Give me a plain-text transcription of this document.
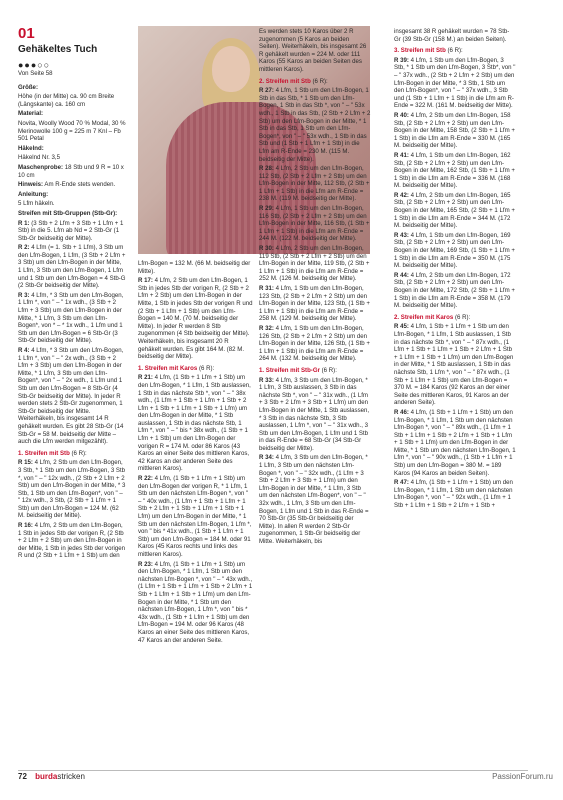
01
Gehäkeltes Tuch
●●●○○

Von Seite 58

Größe:

Höhe (in der Mitte) ca. 90 cm Breite (Längskante) ca. 160 cm

Material:

Novita, Woolly Wood 70 % Modal, 30 % Merinowolle 100 g = 225 m 7 Knl – Fb 501 Petal

Häkelnd:

Häkelnd Nr. 3,5

Maschenprobe: 18 Stb und 9 R = 10 x 10 cm

Hinweis: Am R-Ende stets wenden.

Anleitung:

5 Lfm häkeln.

Streifen mit Stb-Gruppen (Stb-Gr):

R 1: (3 Stb + 2 Lfm + 3 Stb + 1 Lfm + 1 Stb) in die 5. Lfm ab Nd = 2 Stb-Gr (1 Stb-Gr beidseitig der Mitte).

R 2: 4 Lfm (= 1. Stb + 1 Lfm), 3 Stb um den Lfm-Bogen, 1 Lfm, (3 Stb + 2 Lfm + 3 Stb) um den Lfm-Bogen in der Mitte, 1 Lfm, 3 Stb um den Lfm-Bogen, 1 Lfm und 1 Stb um den Lfm-Bogen = 4 Stb-G (2 Stb-Gr beidseitig der Mitte).

R 3: 4 Lfm, * 3 Stb um den Lfm-Bogen, 1 Lfm *, von " – " 1x wdh., (3 Stb + 2 Lfm + 3 Stb) um den Lfm-Bogen in der Mitte, * 1 Lfm, 3 Stb um den Lfm-Bogen*, von * – * 1x wdh., 1 Lfm und 1 Stb um den Lfm-Bogen = 6 Stb-Gr (3 Stb-Gr beidseitig der Mitte).

R 4: 4 Lfm, * 3 Stb um den Lfm-Bogen, 1 Lfm *, von " – " 2x wdh., (3 Stb + 2 Lfm + 3 Stb) um den Lfm-Bogen in der Mitte, * 1 Lfm, 3 Stb um den Lfm-Bogen*, von " – " 2x wdh., 1 Lfm und 1 Stb um den Lfm-Bogen = 8 Stb-Gr (4 Stb-Gr beidseitig der Mitte). In jeder R werden stets 2 Stb-Gr zugenommen, 1 Stb-Gr beidseitig der Mitte. Weiterhäkeln, bis insgesamt 14 R gehäkelt wurden. Es gibt 28 Stb-Gr (14 Stb-Gr = 58 M. beidseitig der Mitte – auch die Lfm werden mitgezählt).

1. Streifen mit Stb (6 R):

R 15: 4 Lfm, 2 Stb um den Lfm-Bogen, 3 Stb, * 1 Stb um den Lfm-Bogen, 3 Stb *, von " – " 12x wdh., (2 Stb + 2 Lfm + 2 Stb) um den Lfm-Bogen in der Mitte, * 3 Stb, 1 Stb um den Lfm-Bogen*, von " – " 12x wdh., 3 Stb, (2 Stb + 1 Lfm + 1 Stb) um den Lfm-Bogen = 124 M. (62 M. beidseitig der Mitte).

R 16: 4 Lfm, 2 Stb um den Lfm-Bogen, 1 Stb in jedes Stb der vorigen R, (2 Stb + 2 Lfm + 2 Stb) um den Lfm-Bogen in der Mitte, 1 Stb in jedes Stb der vorigen R und (2 Stb + 1 Lfm + 1 Stb) um den

Lfm-Bogen = 132 M. (66 M. beidseitig der Mitte).

R 17: 4 Lfm, 2 Stb um den Lfm-Bogen, 1 Stb in jedes Stb der vorigen R, (2 Stb + 2 Lfm + 2 Stb) um den Lfm-Bogen in der Mitte, 1 Stb in jedes Stb der vorigen R und (2 Stb + 1 Lfm + 1 Stb) um den Lfm-Bogen = 140 M. (70 M. beidseitig der Mitte). In jeder R werden 8 Stb zugenommen (4 Stb beidseitig der Mitte). Weiterhäkeln, bis insgesamt 20 R gehäkelt wurden. Es gibt 164 M. (82 M. beidseitig der Mitte).

1. Streifen mit Karos (6 R):

R 21: 4 Lfm, (1 Stb + 1 Lfm + 1 Stb) um den Lfm-Bogen, * 1 Lfm, 1 Stb auslassen, 1 Stb in das nächste Stb *, von " – " 38x wdh., (1 Lfm + 1 Stb + 1 Lfm + 1 Stb + 2 Lfm + 1 Stb + 1 Lfm + 1 Stb + 1 Lfm) um den Lfm-Bogen in der Mitte, * 1 Stb auslassen, 1 Stb in das nächste Stb, 1 Lfm *, von " – " bis * 38x wdh., (1 Stb + 1 Lfm + 1 Stb) um den Lfm-Bogen der vorigen R = 174 M. oder 86 Karos (43 Karos an einer Seite des mittleren Karos, 42 Karos an der anderen Seite des mittleren Karos).

R 22: 4 Lfm, (1 Stb + 1 Lfm + 1 Stb) um den Lfm-Bogen der vorigen R, * 1 Lfm, 1 Stb um den nächsten Lfm-Bogen *, von " – " 40x wdh., (1 Lfm + 1 Stb + 1 Lfm + 1 Stb + 2 Lfm + 1 Stb + 1 Lfm + 1 Stb + 1 Lfm) um den Lfm-Bogen in der Mitte, * 1 Stb um den nächsten Lfm-Bogen, 1 Lfm *, von " bis * 41x wdh., (1 Stb + 1 Lfm + 1 Stb) um den Lfm-Bogen = 184 M. oder 91 Karos (45 Karos rechts und links des mittleren Karos).

R 23: 4 Lfm, (1 Stb + 1 Lfm + 1 Stb) um den Lfm-Bogen, * 1 Lfm, 1 Stb um den nächsten Lfm-Bogen *, von " – " 43x wdh., (1 Lfm + 1 Stb + 1 Lfm + 1 Stb + 2 Lfm + 1 Stb + 1 Lfm + 1 Stb + 1 Lfm) um den Lfm-Bogen in der Mitte, * 1 Stb um den nächsten Lfm-Bogen, 1 Lfm *, von " bis * 43x wdh., (1 Stb + 1 Lfm + 1 Stb) um den Lfm-Bogen = 194 M. oder 96 Karos (48 Karos an einer Seite des mittleren Karos, 47 Karos an der anderen Seite.

Es werden stets 10 Karos über 2 R zugenommen (5 Karos an beiden Seiten). Weiterhäkeln, bis insgesamt 26 R gehäkelt wurden = 224 M. oder 111 Karos (55 Karos an beiden Seiten des mittleren Karos).

2. Streifen mit Stb (6 R):

R 27: 4 Lfm, 1 Stb um den Lfm-Bogen, 1 Stb in das Stb, * 1 Stb um den Lfm-Bogen, 1 Stb in das Stb *, von " – " 53x wdh., 1 Stb in das Stb, (2 Stb + 2 Lfm + 2 Stb) um den Lfm-Bogen in der Mitte, * 1 Stb in das Stb, 1 Stb um den Lfm-Bogen*, von " – " 53x wdh., 1 Stb in das Stb und (1 Stb + 1 Lfm + 1 Stb) in die Lfm am R-Ende = 230 M. (115 M. beidseitig der Mitte).

R 28: 4 Lfm, 2 Stb um den Lfm-Bogen, 112 Stb, (2 Stb + 2 Lfm + 2 Stb) um den Lfm-Bogen in der Mitte, 112 Stb, (2 Stb + 1 Lfm + 1 Stb) in die Lfm am R-Ende = 238 M. (119 M. beidseitig der Mitte).

R 29: 4 Lfm, 1 Stb um den Lfm-Bogen, 116 Stb, (2 Stb + 2 Lfm + 2 Stb) um den Lfm-Bogen in der Mitte, 116 Stb, (1 Stb + 1 Lfm + 1 Stb) in die Lfm am R-Ende = 244 M. (122 M. beidseitig der Mitte).

R 30: 4 Lfm, 2 Stb um den Lfm-Bogen, 119 Stb, (2 Stb + 2 Lfm + 2 Stb) um den Lfm-Bogen in der Mitte, 119 Stb, (2 Stb + 1 Lfm + 1 Stb) in die Lfm am R-Ende = 252 M. (126 M. beidseitig der Mitte).

R 31: 4 Lfm, 1 Stb um den Lfm-Bogen, 123 Stb, (2 Stb + 2 Lfm + 2 Stb) um den Lfm-Bogen in der Mitte, 123 Stb, (1 Stb + 1 Lfm + 1 Stb) in die Lfm am R-Ende = 258 M. (129 M. beidseitig der Mitte).

R 32: 4 Lfm, 1 Stb um den Lfm-Bogen, 126 Stb, (2 Stb + 2 Lfm + 2 Stb) um den Lfm-Bogen in der Mitte, 126 Stb, (1 Stb + 1 Lfm + 1 Stb) in die Lfm am R-Ende = 264 M. (132 M. beidseitig der Mitte).

1. Streifen mit Stb-Gr (6 R):

R 33: 4 Lfm, 3 Stb um den Lfm-Bogen, * 1 Lfm, 3 Stb auslassen, 3 Stb in das nächste Stb *, von " – " 31x wdh., (1 Lfm + 3 Stb + 2 Lfm + 3 Stb + 1 Lfm) um den Lfm-Bogen in der Mitte, 1 Stb auslassen, * 3 Stb in das nächste Stb, 3 Stb auslassen, 1 Lfm *, von " – " 31x wdh., 3 Stb um den Lfm-Bogen, 1 Lfm und 1 Stb in das R-Ende = 68 Stb-Gr (34 Stb-Gr beidseitig der Mitte).

R 34: 4 Lfm, 3 Stb um den Lfm-Bogen, * 1 Lfm, 3 Stb um den nächsten Lfm-Bogen *, von " – " 32x wdh., (1 Lfm + 3 Stb + 2 Lfm + 3 Stb + 1 Lfm) um den Lfm-Bogen in der Mitte, * 1 Lfm, 3 Stb um den nächsten Lfm-Bogen*, von " – " 32x wdh., 1 Lfm, 3 Stb um den Lfm-Bogen, 1 Lfm und 1 Stb in das R-Ende = 70 Stb-Gr (35 Stb-Gr beidseitig der Mitte). In allen R werden 2 Stb-Gr zugenommen, 1 Stb-Gr beidseitig der Mitte. Weiterhäkeln, bis

insgesamt 38 R gehäkelt wurden = 78 Stb-Gr (39 Stb-Gr (158 M.) an beiden Seiten).

3. Streifen mit Stb (6 R):

R 39: 4 Lfm, 1 Stb um den Lfm-Bogen, 3 Stb, * 1 Stb um den Lfm-Bogen, 3 Stb*, von " – " 37x wdh., (2 Stb + 2 Lfm + 2 Stb) um den Lfm-Bogen in der Mitte, * 3 Stb, 1 Stb um den Lfm-Bogen*, von " – " 37x wdh., 3 Stb und (1 Stb + 1 Lfm + 1 Stb) in die Lfm am R-Ende = 322 M. (161 M. beidseitig der Mitte).

R 40: 4 Lfm, 2 Stb um den Lfm-Bogen, 158 Stb, (2 Stb + 2 Lfm + 2 Stb) um den Lfm-Bogen in der Mitte, 158 Stb, (2 Stb + 1 Lfm + 1 Stb) in die Lfm am R-Ende = 330 M. (165 M. beidseitig der Mitte).

R 41: 4 Lfm, 1 Stb um den Lfm-Bogen, 162 Stb, (2 Stb + 2 Lfm + 2 Stb) um den Lfm-Bogen in der Mitte, 162 Stb, (1 Stb + 1 Lfm + 1 Stb) in die Lfm am R-Ende = 336 M. (168 M. beidseitig der Mitte).

R 42: 4 Lfm, 2 Stb um den Lfm-Bogen, 165 Stb, (2 Stb + 2 Lfm + 2 Stb) um den Lfm-Bogen in der Mitte, 165 Stb, (2 Stb + 1 Lfm + 1 Stb) in die Lfm am R-Ende = 344 M. (172 M. beidseitig der Mitte).

R 43: 4 Lfm, 1 Stb um den Lfm-Bogen, 169 Stb, (2 Stb + 2 Lfm + 2 Stb) um den Lfm-Bogen in der Mitte, 169 Stb, (1 Stb + 1 Lfm + 1 Stb) in die Lfm am R-Ende = 350 M. (175 M. beidseitig der Mitte).

R 44: 4 Lfm, 2 Stb um den Lfm-Bogen, 172 Stb, (2 Stb + 2 Lfm + 2 Stb) um den Lfm-Bogen in der Mitte, 172 Stb, (2 Stb + 1 Lfm + 1 Stb) in die Lfm am R-Ende = 358 M. (179 M. beidseitig der Mitte).

2. Streifen mit Karos (6 R):

R 45: 4 Lfm, 1 Stb + 1 Lfm + 1 Stb um den Lfm-Bogen, * 1 Lfm, 1 Stb auslassen, 1 Stb in das nächste Stb *, von " – " 87x wdh., (1 Lfm + 1 Stb + 1 Lfm + 1 Stb + 2 Lfm + 1 Stb + 1 Lfm + 1 Stb + 1 Lfm) um den Lfm-Bogen in der Mitte, * 1 Stb auslassen, 1 Stb in das nächste Stb, 1 Lfm *, von " – " 87x wdh., (1 Stb + 1 Lfm + 1 Stb) um den Lfm-Bogen = 370 M. = 184 Karos (92 Karos an der einer Seite des mittleren Karos, 91 Karos an der anderen Seite).

R 46: 4 Lfm, (1 Stb + 1 Lfm + 1 Stb) um den Lfm-Bogen, * 1 Lfm, 1 Stb um den nächsten Lfm-Bogen *, von " – " 89x wdh., (1 Lfm + 1 Stb + 1 Lfm + 1 Stb + 2 Lfm + 1 Stb + 1 Lfm + 1 Stb + 1 Lfm) um den Lfm-Bogen in der Mitte, * 1 Stb um den nächsten Lfm-Bogen, 1 Lfm *, von " – " 90x wdh., (1 Stb + 1 Lfm + 1 Stb) um den Lfm-Bogen = 380 M. = 189 Karos (94 Karos an beiden Seiten).

R 47: 4 Lfm, (1 Stb + 1 Lfm + 1 Stb) um den Lfm-Bogen, * 1 Lfm, 1 Stb um den nächsten Lfm-Bogen *, von " – " 92x wdh., (1 Lfm + 1 Stb + 1 Lfm + 1 Stb + 2 Lfm + 1 Stb +

72 burdastricken	PassionForum.ru
